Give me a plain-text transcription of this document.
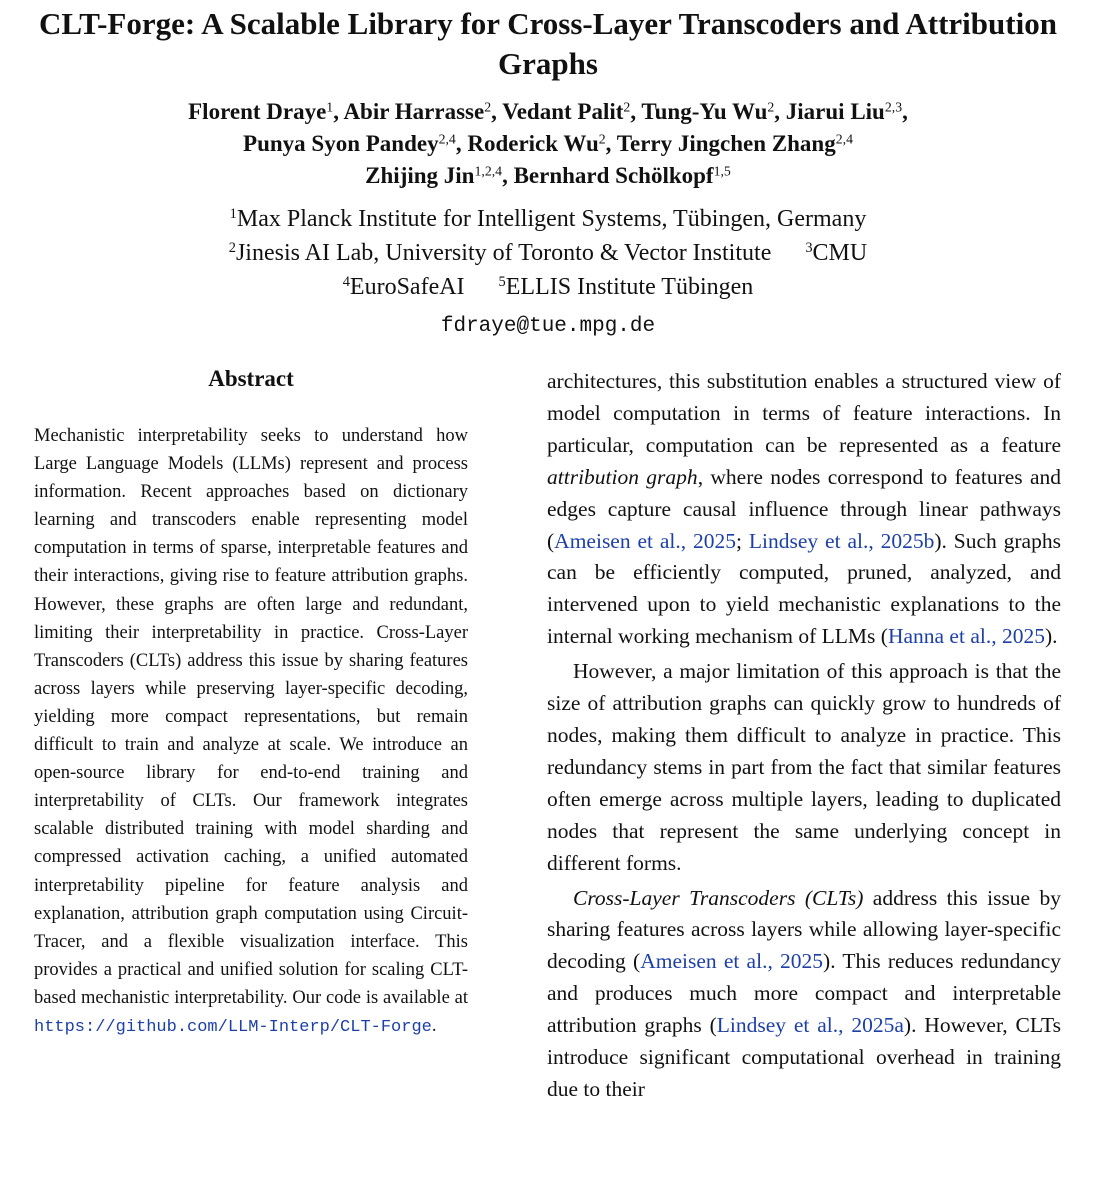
CLT-Forge: A Scalable Library for Cross-Layer Transcoders and Attribution Graphs
Florent Draye$^1$, Abir Harrasse$^2$, Vedant Palit$^2$, Tung-Yu Wu$^2$, Jiarui Liu$^{2,3}$,
Punya Syon Pandey$^{2,4}$, Roderick Wu$^2$, Terry Jingchen Zhang$^{2,4}$
Zhijing Jin$^{1,2,4}$, Bernhard Schölkopf$^{1,5}$
$^1$Max Planck Institute for Intelligent Systems, Tübingen, Germany
$^2$Jinesis AI Lab, University of Toronto & Vector Institute $^3$CMU
$^4$EuroSafeAI $^5$ELLIS Institute Tübingen
fdraye@tue.mpg.de
Abstract
Mechanistic interpretability seeks to understand how Large Language Models (LLMs) represent and process information. Recent approaches based on dictionary learning and transcoders enable representing model computation in terms of sparse, interpretable features and their interactions, giving rise to feature attribution graphs. However, these graphs are often large and redundant, limiting their interpretability in practice. Cross-Layer Transcoders (CLTs) address this issue by sharing features across layers while preserving layer-specific decoding, yielding more compact representations, but remain difficult to train and analyze at scale. We introduce an open-source library for end-to-end training and interpretability of CLTs. Our framework integrates scalable distributed training with model sharding and compressed activation caching, a unified automated interpretability pipeline for feature analysis and explanation, attribution graph computation using Circuit-Tracer, and a flexible visualization interface. This provides a practical and unified solution for scaling CLT-based mechanistic interpretability. Our code is available at https://github.com/LLM-Interp/CLT-Forge.

architectures, this substitution enables a structured view of model computation in terms of feature interactions. In particular, computation can be represented as a feature attribution graph, where nodes correspond to features and edges capture causal influence through linear pathways (Ameisen et al., 2025; Lindsey et al., 2025b). Such graphs can be efficiently computed, pruned, analyzed, and intervened upon to yield mechanistic explanations to the internal working mechanism of LLMs (Hanna et al., 2025).

However, a major limitation of this approach is that the size of attribution graphs can quickly grow to hundreds of nodes, making them difficult to analyze in practice. This redundancy stems in part from the fact that similar features often emerge across multiple layers, leading to duplicated nodes that represent the same underlying concept in different forms.

Cross-Layer Transcoders (CLTs) address this issue by sharing features across layers while allowing layer-specific decoding (Ameisen et al., 2025). This reduces redundancy and produces much more compact and interpretable attribution graphs (Lindsey et al., 2025a). However, CLTs introduce significant computational overhead in training due to their
